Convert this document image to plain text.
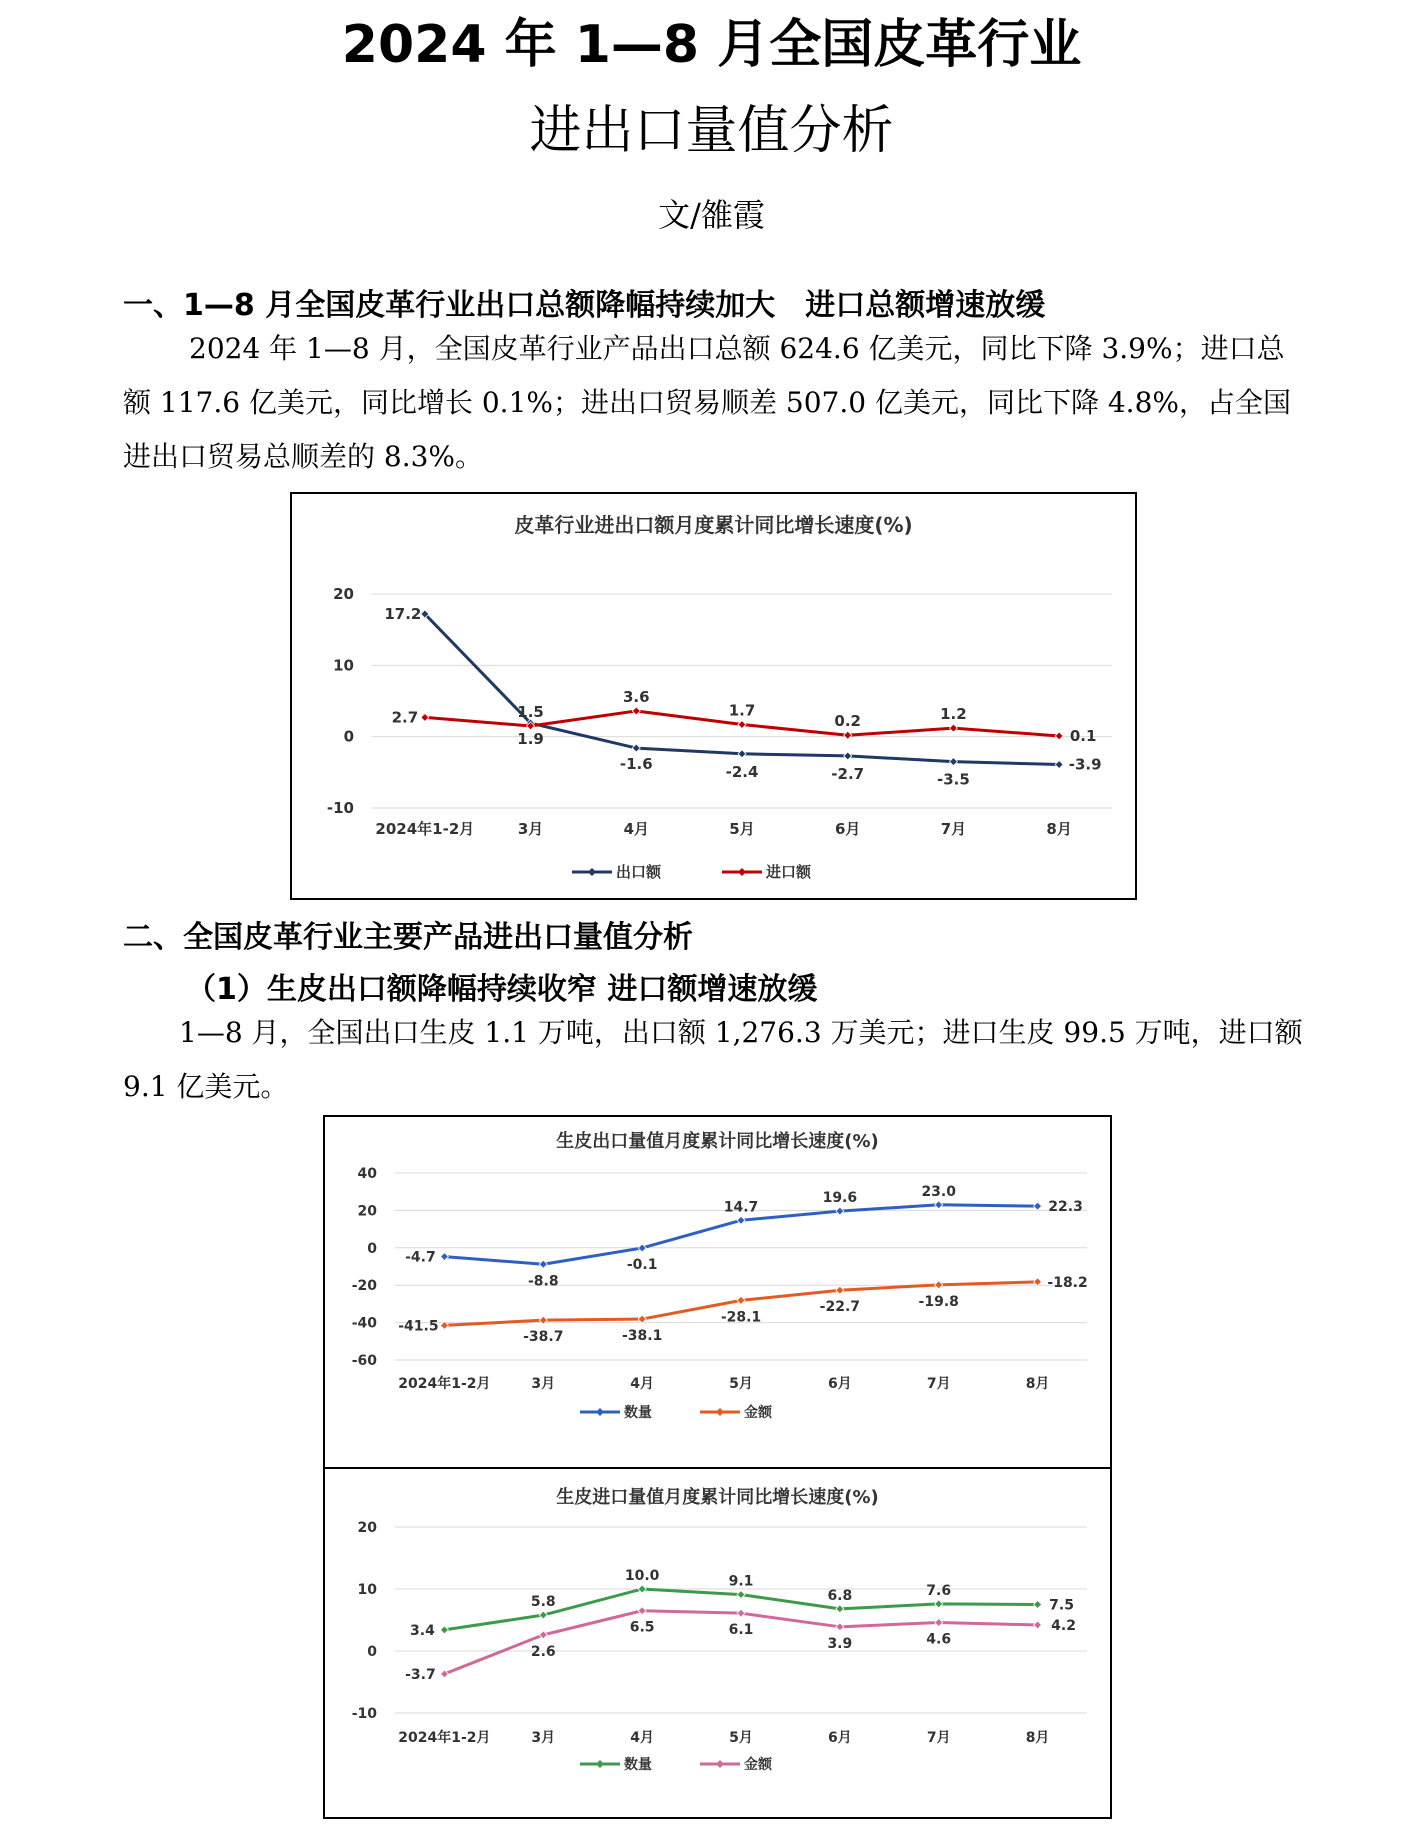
2024 年 1—8 月全国皮革行业
进出口量值分析
文/雒霞
一、1—8 月全国皮革行业出口总额降幅持续加大　进口总额增速放缓

2024 年 1—8 月，全国皮革行业产品出口总额 624.6 亿美元，同比下降 3.9%；进口总额 117.6 亿美元，同比增长 0.1%；进出口贸易顺差 507.0 亿美元，同比下降 4.8%，占全国进出口贸易总顺差的 8.3%。

皮革行业进出口额月度累计同比增长速度(%)
20
10
0
-10
2024年1-2月	3月	4月	5月	6月	7月	8月
17.2
1.9
-1.6	-2.4	-2.7	-3.5
-3.9
出口额
2.7	1.5
3.6
1.7
0.2	1.2
0.1
进口额
二、全国皮革行业主要产品进出口量值分析
（1）生皮出口额降幅持续收窄 进口额增速放缓

1—8 月，全国出口生皮 1.1 万吨，出口额 1,276.3 万美元；进口生皮 99.5 万吨，进口额 9.1 亿美元。

生皮出口量值月度累计同比增长速度(%)
40
20
0
-20
-40
-60
2024年1-2月	3月	4月	5月	6月	7月	8月
-4.7
-8.8
-0.1
14.7
19.6	23.0
22.3
数量
-41.5
-38.7	-38.1
-28.1
-22.7	-19.8
-18.2
金额
生皮进口量值月度累计同比增长速度(%)
20
10
0
-10
2024年1-2月	3月	4月	5月	6月	7月	8月
3.4
5.8
10.0	9.1
6.8	7.6
7.5
数量
-3.7
2.6
6.5	6.1
3.9	4.6
4.2
金额
